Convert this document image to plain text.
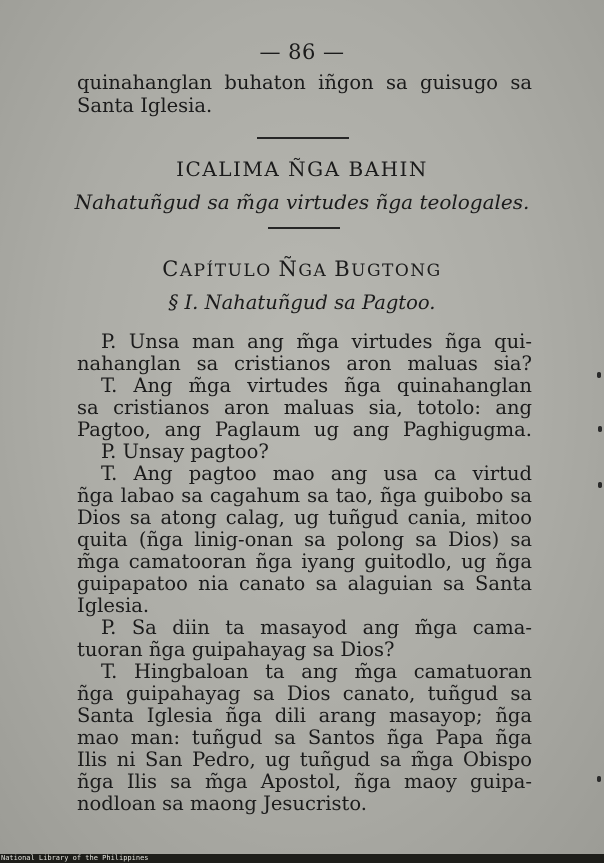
— 86 —
quinahanglan buhaton iñgon sa guisugo sa
Santa Iglesia.
ICALIMA ÑGA BAHIN
Nahatuñgud sa m̃ga virtudes ñga teologales.
CAPÍTULO ÑGA BUGTONG
§ I. Nahatuñgud sa Pagtoo.
P. Unsa man ang m̃ga virtudes ñga qui-
nahanglan sa cristianos aron maluas sia?
T. Ang m̃ga virtudes ñga quinahanglan
sa cristianos aron maluas sia, totolo: ang
Pagtoo, ang Paglaum ug ang Paghigugma.
P. Unsay pagtoo?
T. Ang pagtoo mao ang usa ca virtud
ñga labao sa cagahum sa tao, ñga guibobo sa
Dios sa atong calag, ug tuñgud cania, mitoo
quita (ñga linig-onan sa polong sa Dios) sa
m̃ga camatooran ñga iyang guitodlo, ug ñga
guipapatoo nia canato sa alaguian sa Santa
Iglesia.
P. Sa diin ta masayod ang m̃ga cama-
tuoran ñga guipahayag sa Dios?
T. Hingbaloan ta ang m̃ga camatuoran
ñga guipahayag sa Dios canato, tuñgud sa
Santa Iglesia ñga dili arang masayop; ñga
mao man: tuñgud sa Santos ñga Papa ñga
Ilis ni San Pedro, ug tuñgud sa m̃ga Obispo
ñga Ilis sa m̃ga Apostol, ñga maoy guipa-
nodloan sa maong Jesucristo.
National Library of the Philippines
